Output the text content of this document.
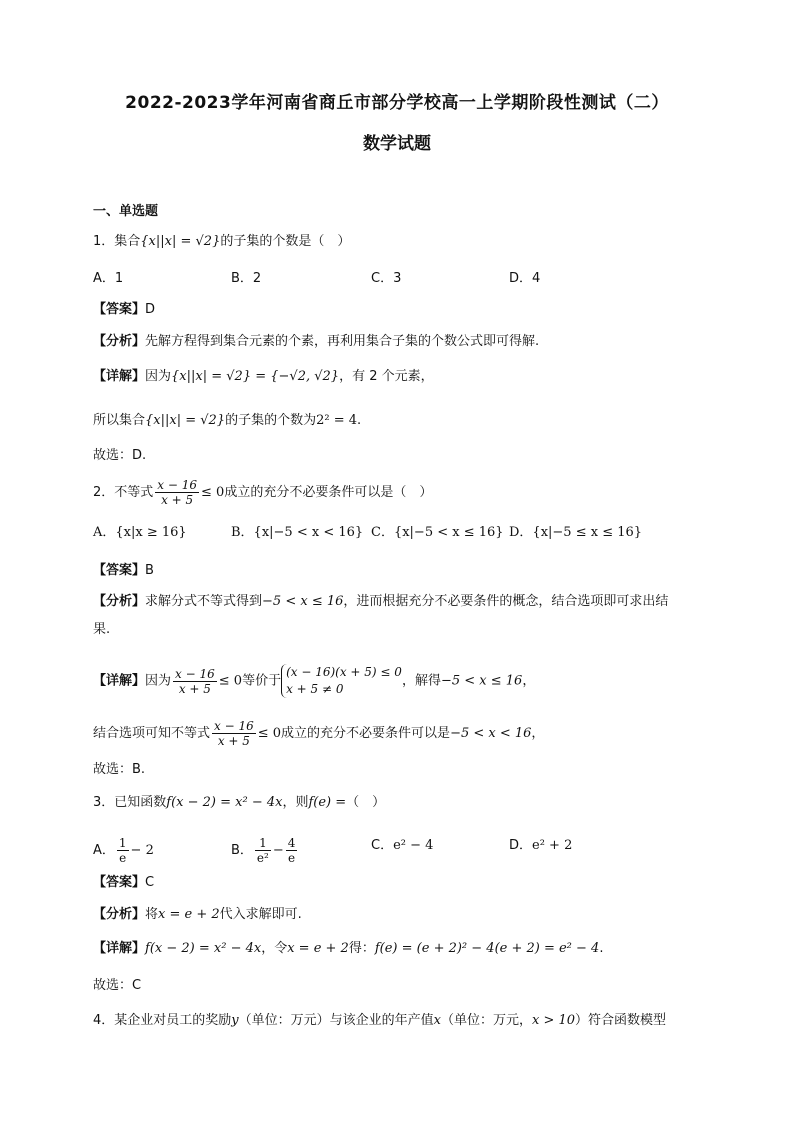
2022-2023学年河南省商丘市部分学校高一上学期阶段性测试（二）
数学试题
一、单选题
1．集合{x||x| = √2}的子集的个数是（　）
A．1	B．2	C．3	D．4
【答案】D
【分析】先解方程得到集合元素的个素，再利用集合子集的个数公式即可得解.
【详解】因为{x||x| = √2} = {−√2, √2}，有 2 个元素，
所以集合{x||x| = √2}的子集的个数为2² = 4.
故选：D.
2．不等式 $\frac{x - 16}{x + 5} \le 0$成立的充分不必要条件可以是（　）
A．{x|x ≥ 16}	B．{x|−5 < x < 16} C．{x|−5 < x ≤ 16} D．{x|−5 ≤ x ≤ 16}
【答案】B
【分析】求解分式不等式得到−5 < x ≤ 16，进而根据充分不必要条件的概念，结合选项即可求出结
果.
【详解】因为 $\frac{x - 16}{x + 5} \le 0$等价于
(x − 16)(x + 5) ≤ 0
x + 5 ≠ 0
，解得−5 < x ≤ 16，
结合选项可知不等式 $\frac{x - 16}{x + 5} \le 0$成立的充分不必要条件可以是−5 < x < 16，
故选：B.
3．已知函数f(x − 2) = x² − 4x，则f(e) =（　）
A． $\frac{1}{e} - 2$	B． $\frac{1}{\text{e²}} - \frac{4}{e}$	C．e² − 4	D．e² + 2
【答案】C
【分析】将x = e + 2代入求解即可.
【详解】f(x − 2) = x² − 4x，令x = e + 2得：f(e) = (e + 2)² − 4(e + 2) = e² − 4.
故选：C
4．某企业对员工的奖励y（单位：万元）与该企业的年产值x（单位：万元，x > 10）符合函数模型
